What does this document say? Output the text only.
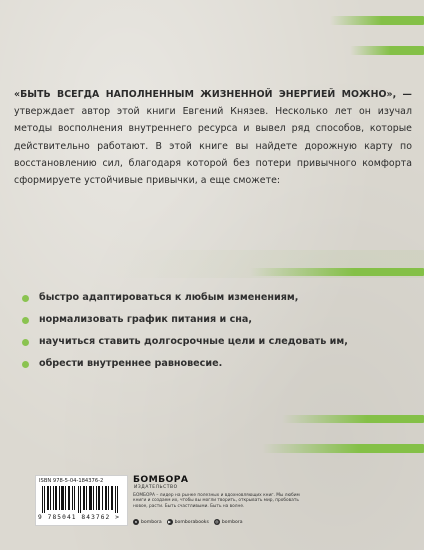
«БЫТЬ ВСЕГДА НАПОЛНЕННЫМ ЖИЗНЕННОЙ ЭНЕРГИЕЙ МОЖНО», — утверждает автор этой книги Евгений Князев. Несколько лет он изучал методы восполнения внутреннего ресурса и вывел ряд способов, которые действительно работают. В этой книге вы найдете дорожную карту по восстановлению сил, благодаря которой без потери привычного комфорта сформируете устойчивые привычки, а еще сможете:

быстро адаптироваться к любым изменениям,
нормализовать график питания и сна,
научиться ставить долгосрочные цели и следовать им,
обрести внутреннее равновесие.
ISBN 978-5-04-184376-2
9 785041 843762 >
БОМБОРА
ИЗДАТЕЛЬСТВО
БОМБОРА – лидер на рынке полезных и вдохновляющих книг. Мы любим книги и создаем их, чтобы вы могли творить, открывать мир, пробовать новое, расти. Быть счастливыми. Быть на волне.
в bombora	▶ bomborabooks	◎ bombora
